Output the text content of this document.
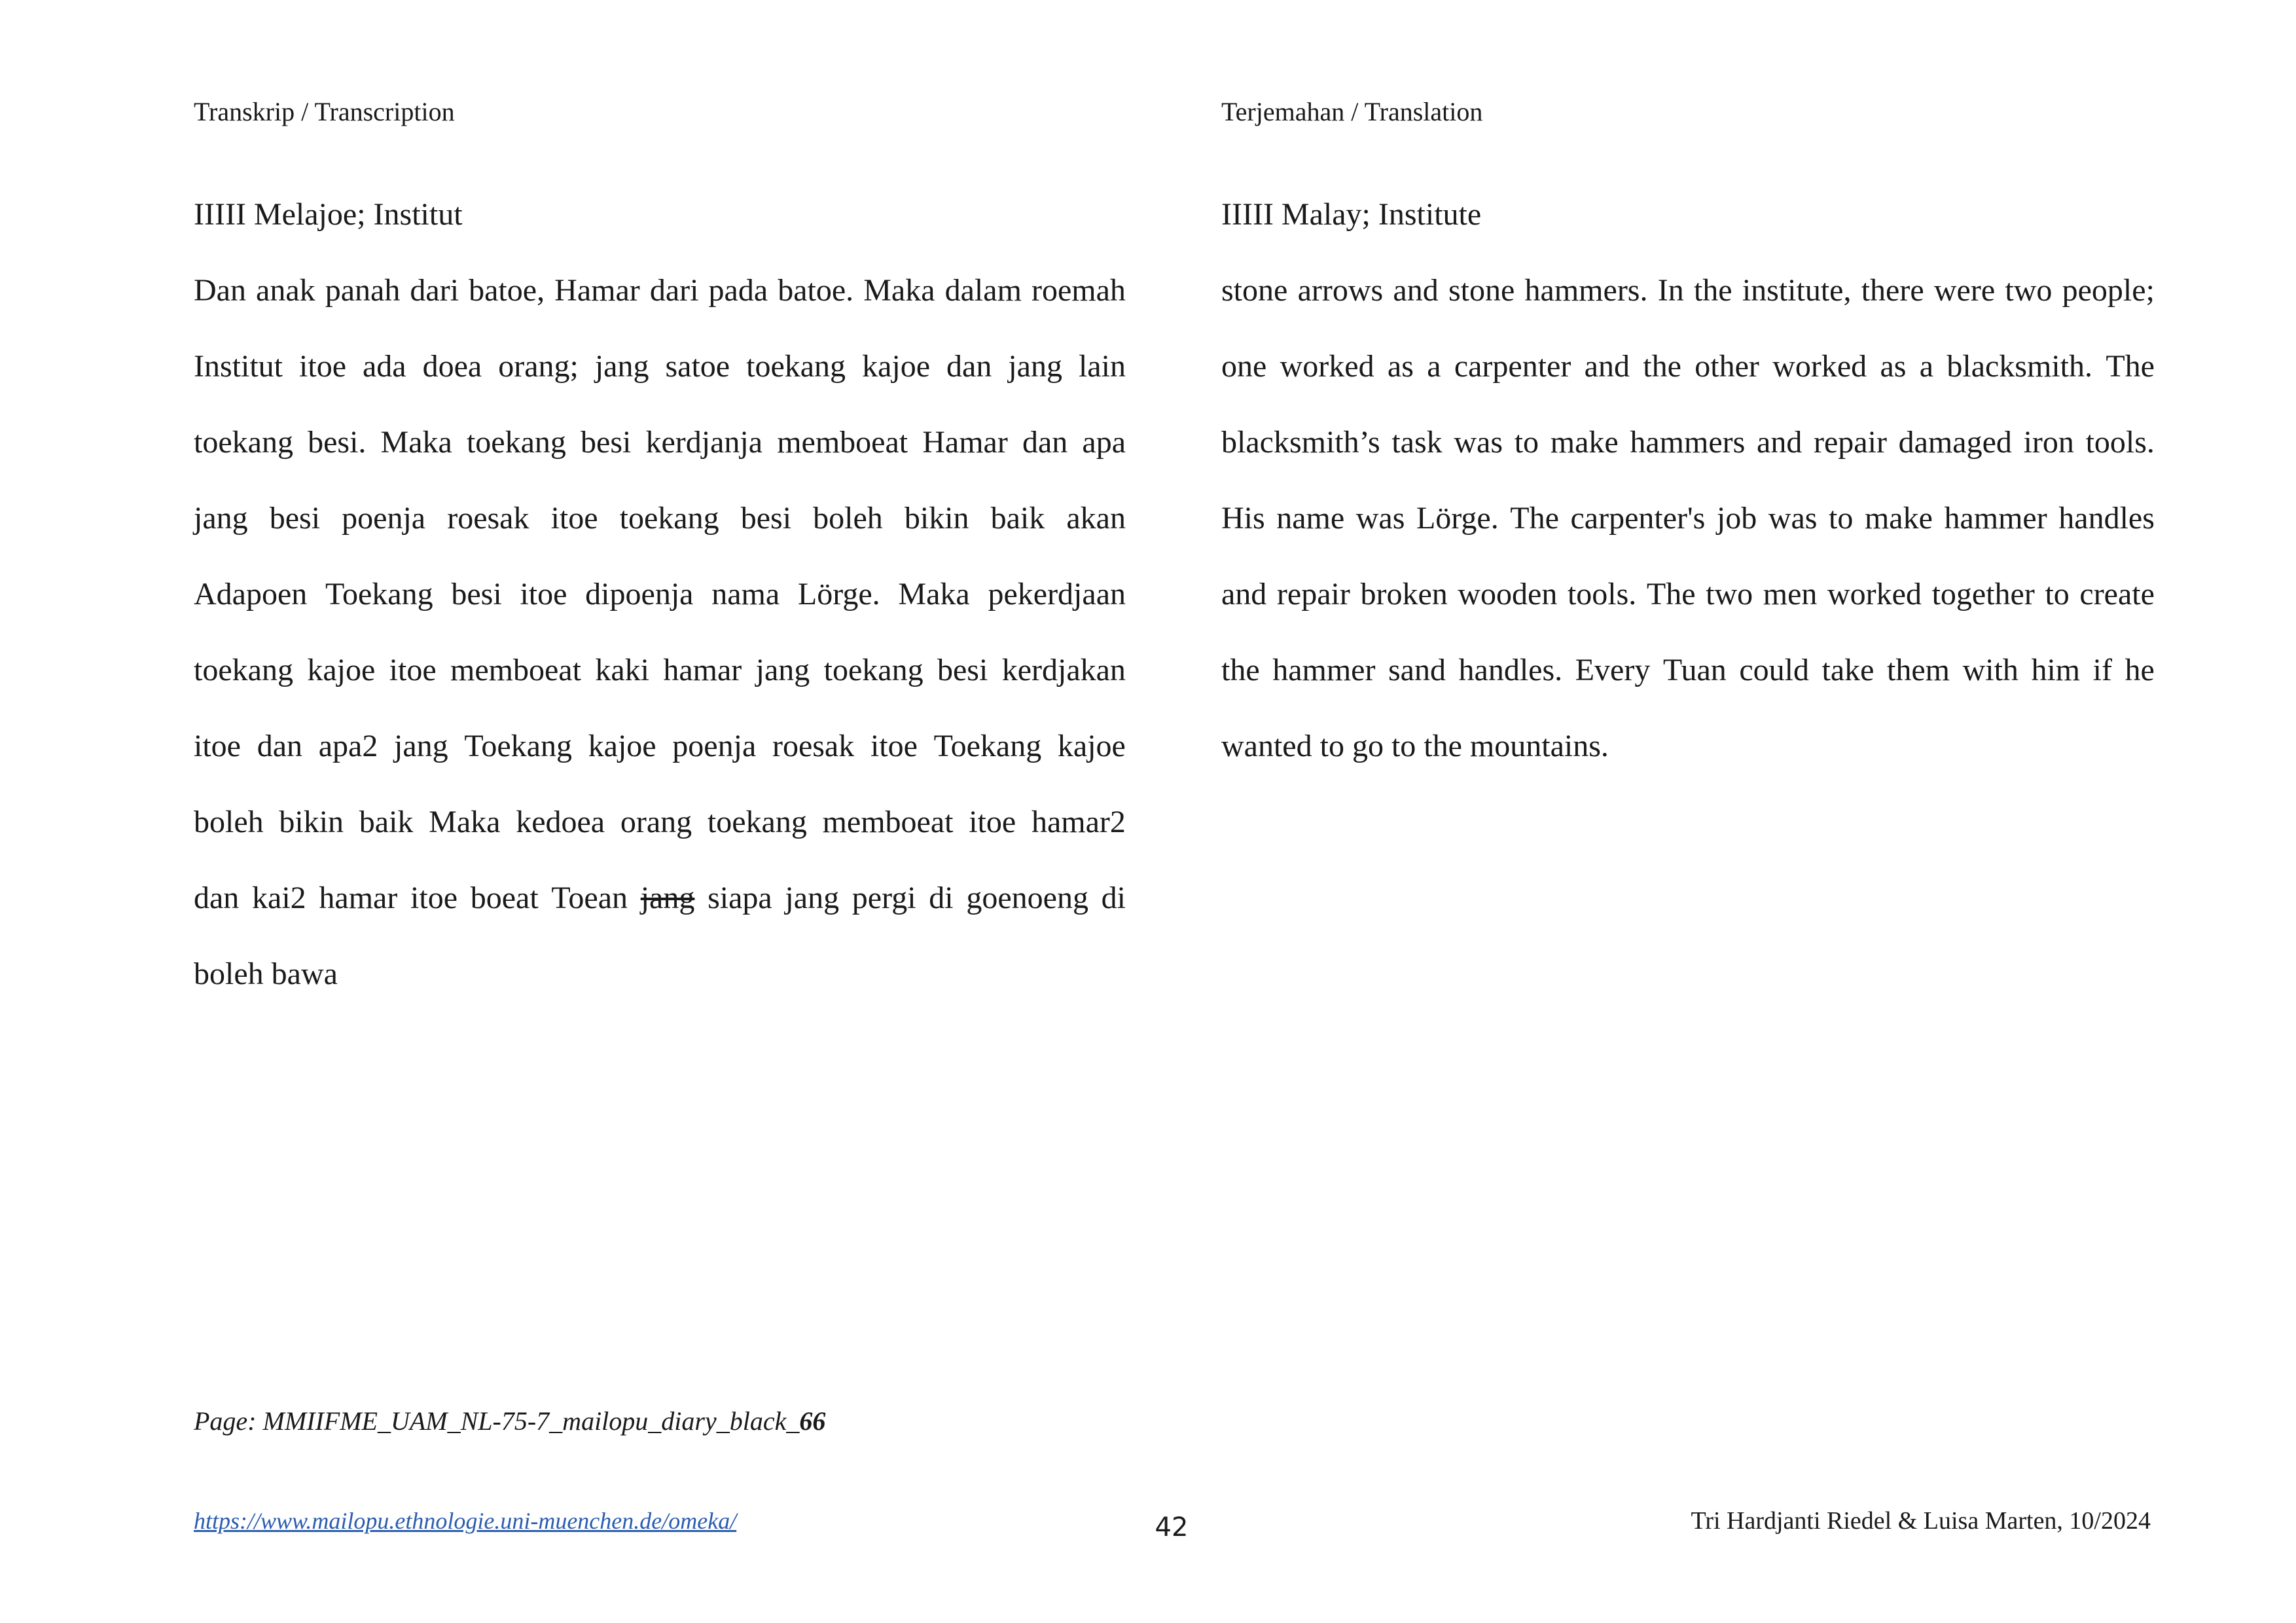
Transkrip / Transcription	Terjemahan / Translation
IIIII Melajoe; Institut
Dan anak panah dari batoe, Hamar dari pada batoe. Maka dalam roemah
Institut itoe ada doea orang; jang satoe toekang kajoe dan jang lain
toekang besi. Maka toekang besi kerdjanja memboeat Hamar dan apa
jang besi poenja roesak itoe toekang besi boleh bikin baik akan
Adapoen Toekang besi itoe dipoenja nama Lörge. Maka pekerdjaan
toekang kajoe itoe memboeat kaki hamar jang toekang besi kerdjakan
itoe dan apa2 jang Toekang kajoe poenja roesak itoe Toekang kajoe
boleh bikin baik Maka kedoea orang toekang memboeat itoe hamar2
dan kai2 hamar itoe boeat Toean jang siapa jang pergi di goenoeng di
boleh bawa
IIIII Malay; Institute
stone arrows and stone hammers. In the institute, there were two people;
one worked as a carpenter and the other worked as a blacksmith. The
blacksmith’s task was to make hammers and repair damaged iron tools.
His name was Lörge. The carpenter's job was to make hammer handles
and repair broken wooden tools. The two men worked together to create
the hammer sand handles. Every Tuan could take them with him if he
wanted to go to the mountains.
Page: MMIIFME_UAM_NL-75-7_mailopu_diary_black_66
https://www.mailopu.ethnologie.uni-muenchen.de/omeka/	42	Tri Hardjanti Riedel & Luisa Marten, 10/2024
